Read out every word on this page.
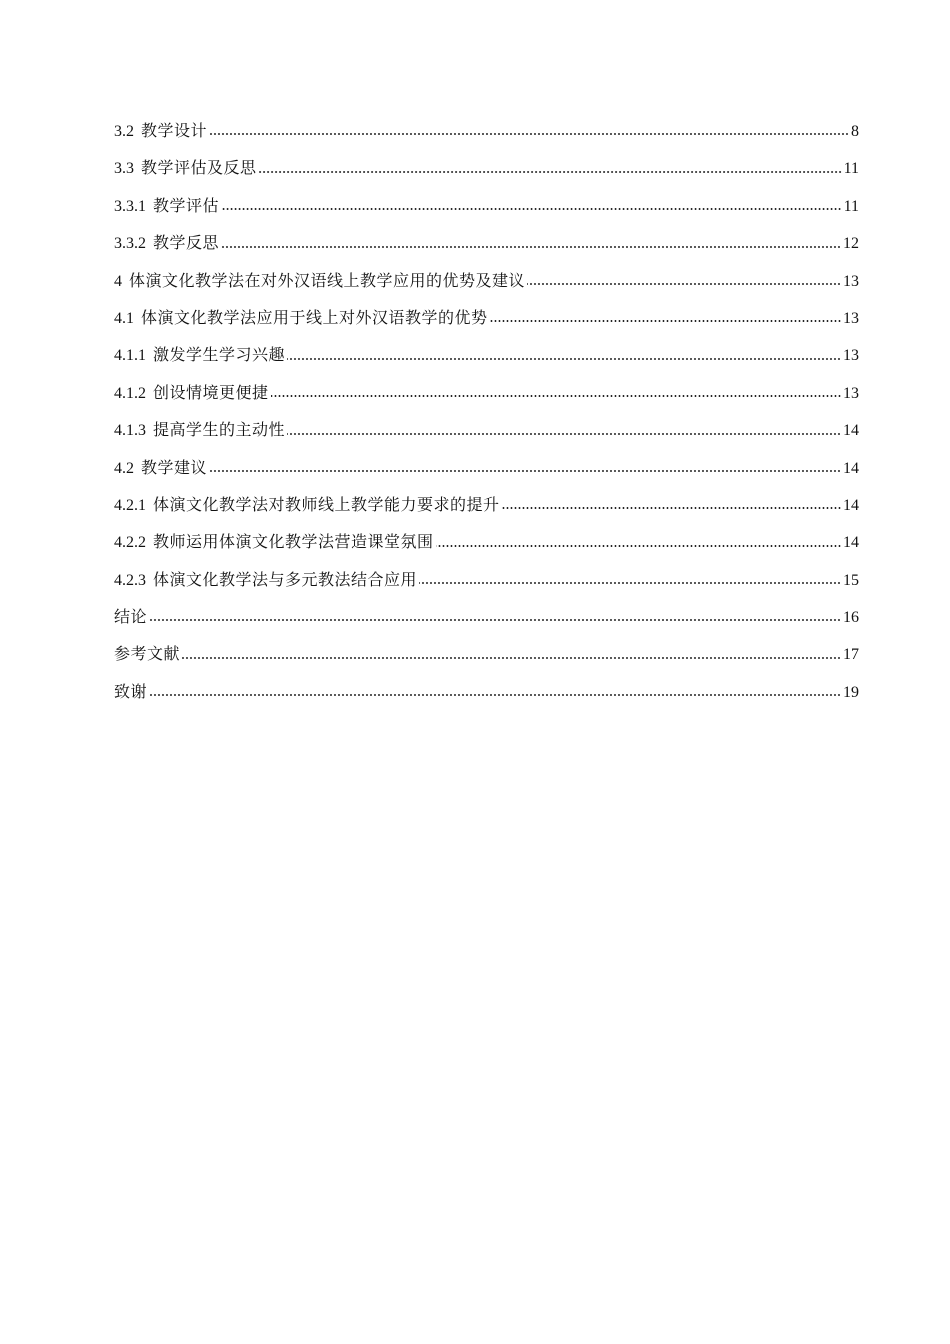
3.2 教学设计	8
3.3 教学评估及反思	11
3.3.1 教学评估	11
3.3.2 教学反思	12
4 体演文化教学法在对外汉语线上教学应用的优势及建议	13
4.1 体演文化教学法应用于线上对外汉语教学的优势	13
4.1.1 激发学生学习兴趣	13
4.1.2 创设情境更便捷	13
4.1.3 提高学生的主动性	14
4.2 教学建议	14
4.2.1 体演文化教学法对教师线上教学能力要求的提升	14
4.2.2 教师运用体演文化教学法营造课堂氛围	14
4.2.3 体演文化教学法与多元教法结合应用	15
结论	16
参考文献	17
致谢	19
